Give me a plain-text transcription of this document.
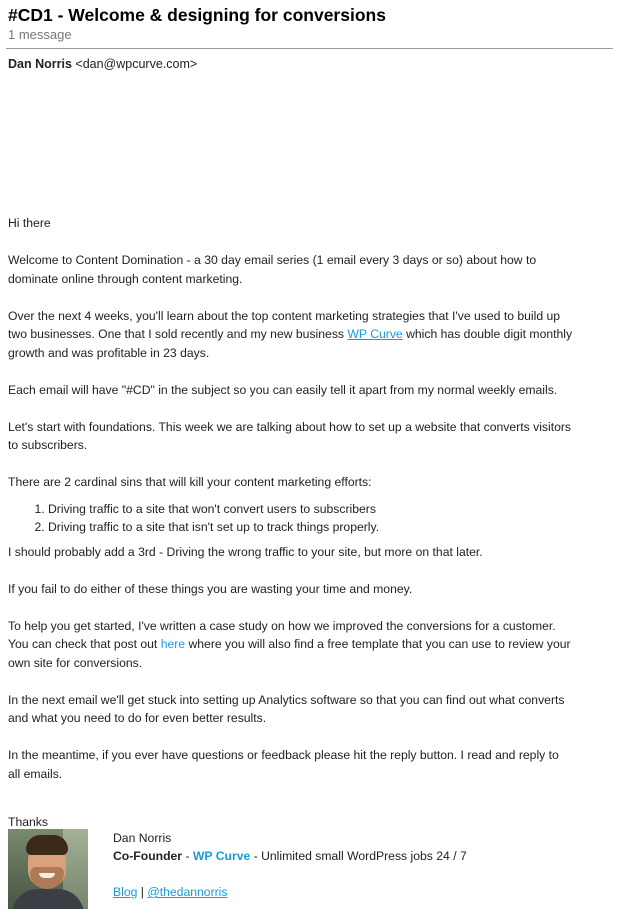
#CD1 - Welcome & designing for conversions
1 message
Dan Norris <dan@wpcurve.com>

Hi there

Welcome to Content Domination - a 30 day email series (1 email every 3 days or so) about how to dominate online through content marketing.

Over the next 4 weeks, you'll learn about the top content marketing strategies that I've used to build up two businesses. One that I sold recently and my new business WP Curve which has double digit monthly growth and was profitable in 23 days.

Each email will have "#CD" in the subject so you can easily tell it apart from my normal weekly emails.

Let's start with foundations. This week we are talking about how to set up a website that converts visitors to subscribers.

There are 2 cardinal sins that will kill your content marketing efforts:

1. Driving traffic to a site that won't convert users to subscribers
2. Driving traffic to a site that isn't set up to track things properly.

I should probably add a 3rd - Driving the wrong traffic to your site, but more on that later.

If you fail to do either of these things you are wasting your time and money.

To help you get started, I've written a case study on how we improved the conversions for a customer. You can check that post out here where you will also find a free template that you can use to review your own site for conversions.

In the next email we'll get stuck into setting up Analytics software so that you can find out what converts and what you need to do for even better results.

In the meantime, if you ever have questions or feedback please hit the reply button. I read and reply to all emails.

Thanks

Dan Norris
Co-Founder - WP Curve - Unlimited small WordPress jobs 24 / 7
Blog | @thedannorris
